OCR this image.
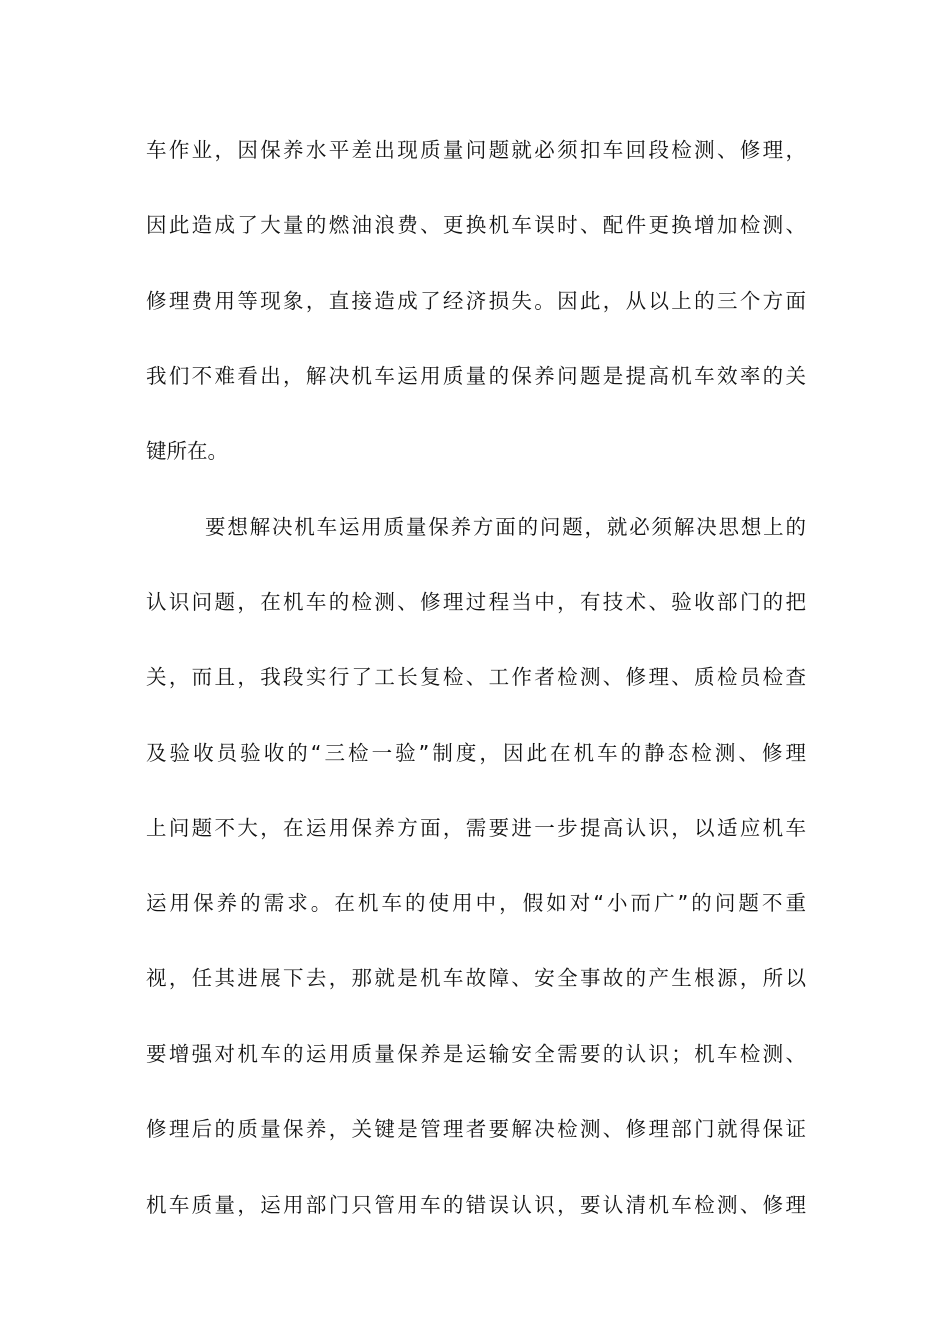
车作业，因保养水平差出现质量问题就必须扣车回段检测、修理，
因此造成了大量的燃油浪费、更换机车误时、配件更换增加检测、
修理费用等现象，直接造成了经济损失。因此，从以上的三个方面
我们不难看出，解决机车运用质量的保养问题是提高机车效率的关
键所在。
要想解决机车运用质量保养方面的问题，就必须解决思想上的
认识问题，在机车的检测、修理过程当中，有技术、验收部门的把
关，而且，我段实行了工长复检、工作者检测、修理、质检员检查
及验收员验收的“三检一验”制度，因此在机车的静态检测、修理
上问题不大，在运用保养方面，需要进一步提高认识，以适应机车
运用保养的需求。在机车的使用中，假如对“小而广”的问题不重
视，任其进展下去，那就是机车故障、安全事故的产生根源，所以
要增强对机车的运用质量保养是运输安全需要的认识；机车检测、
修理后的质量保养，关键是管理者要解决检测、修理部门就得保证
机车质量，运用部门只管用车的错误认识，要认清机车检测、修理
